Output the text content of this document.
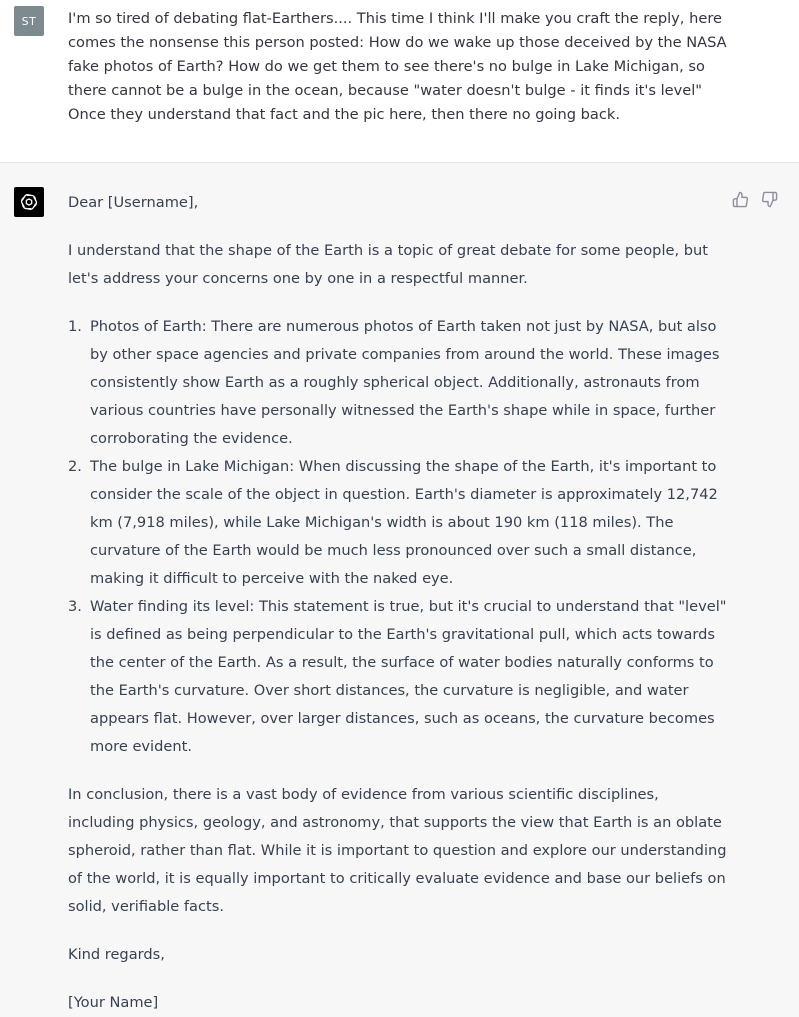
ST	I'm so tired of debating flat-Earthers.... This time I think I'll make you craft the reply, here comes the nonsense this person posted: How do we wake up those deceived by the NASA fake photos of Earth? How do we get them to see there's no bulge in Lake Michigan, so there cannot be a bulge in the ocean, because "water doesn't bulge - it finds it's level" Once they understand that fact and the pic here, then there no going back.

Dear [Username],

I understand that the shape of the Earth is a topic of great debate for some people, but let's address your concerns one by one in a respectful manner.

1. Photos of Earth: There are numerous photos of Earth taken not just by NASA, but also by other space agencies and private companies from around the world. These images consistently show Earth as a roughly spherical object. Additionally, astronauts from various countries have personally witnessed the Earth's shape while in space, further corroborating the evidence.
2. The bulge in Lake Michigan: When discussing the shape of the Earth, it's important to consider the scale of the object in question. Earth's diameter is approximately 12,742 km (7,918 miles), while Lake Michigan's width is about 190 km (118 miles). The curvature of the Earth would be much less pronounced over such a small distance, making it difficult to perceive with the naked eye.
3. Water finding its level: This statement is true, but it's crucial to understand that "level" is defined as being perpendicular to the Earth's gravitational pull, which acts towards the center of the Earth. As a result, the surface of water bodies naturally conforms to the Earth's curvature. Over short distances, the curvature is negligible, and water appears flat. However, over larger distances, such as oceans, the curvature becomes more evident.

In conclusion, there is a vast body of evidence from various scientific disciplines, including physics, geology, and astronomy, that supports the view that Earth is an oblate spheroid, rather than flat. While it is important to question and explore our understanding of the world, it is equally important to critically evaluate evidence and base our beliefs on solid, verifiable facts.

Kind regards,

[Your Name]
